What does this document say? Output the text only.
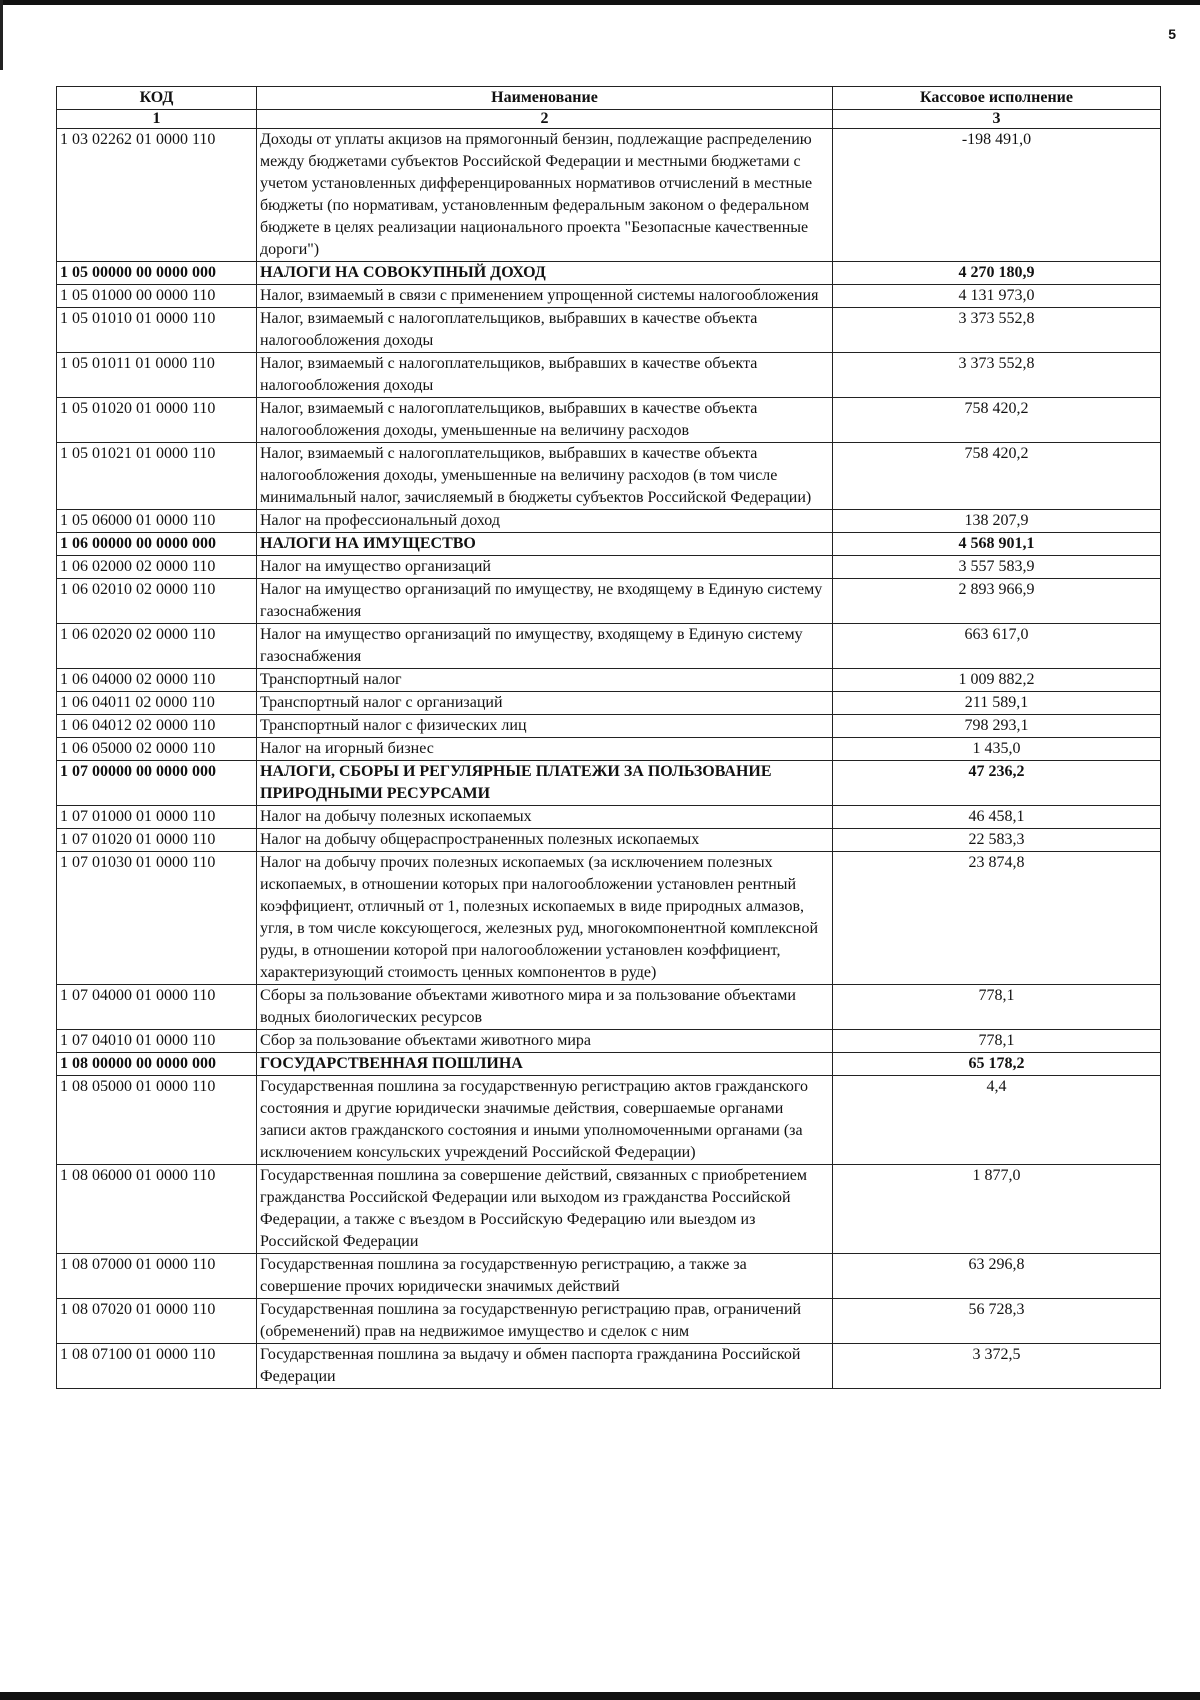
5
КОД	Наименование	Кассовое исполнение
1	2	3
1 03 02262 01 0000 110	Доходы от уплаты акцизов на прямогонный бензин, подлежащие распределению между бюджетами субъектов Российской Федерации и местными бюджетами с учетом установленных дифференцированных нормативов отчислений в местные бюджеты (по нормативам, установленным федеральным законом о федеральном бюджете в целях реализации национального проекта "Безопасные качественные дороги")	-198 491,0
1 05 00000 00 0000 000	НАЛОГИ НА СОВОКУПНЫЙ ДОХОД	4 270 180,9
1 05 01000 00 0000 110	Налог, взимаемый в связи с применением упрощенной системы налогообложения	4 131 973,0
1 05 01010 01 0000 110	Налог, взимаемый с налогоплательщиков, выбравших в качестве объекта налогообложения доходы	3 373 552,8
1 05 01011 01 0000 110	Налог, взимаемый с налогоплательщиков, выбравших в качестве объекта налогообложения доходы	3 373 552,8
1 05 01020 01 0000 110	Налог, взимаемый с налогоплательщиков, выбравших в качестве объекта налогообложения доходы, уменьшенные на величину расходов	758 420,2
1 05 01021 01 0000 110	Налог, взимаемый с налогоплательщиков, выбравших в качестве объекта налогообложения доходы, уменьшенные на величину расходов (в том числе минимальный налог, зачисляемый в бюджеты субъектов Российской Федерации)	758 420,2
1 05 06000 01 0000 110	Налог на профессиональный доход	138 207,9
1 06 00000 00 0000 000	НАЛОГИ НА ИМУЩЕСТВО	4 568 901,1
1 06 02000 02 0000 110	Налог на имущество организаций	3 557 583,9
1 06 02010 02 0000 110	Налог на имущество организаций по имуществу, не входящему в Единую систему газоснабжения	2 893 966,9
1 06 02020 02 0000 110	Налог на имущество организаций по имуществу, входящему в Единую систему газоснабжения	663 617,0
1 06 04000 02 0000 110	Транспортный налог	1 009 882,2
1 06 04011 02 0000 110	Транспортный налог с организаций	211 589,1
1 06 04012 02 0000 110	Транспортный налог с физических лиц	798 293,1
1 06 05000 02 0000 110	Налог на игорный бизнес	1 435,0
1 07 00000 00 0000 000	НАЛОГИ, СБОРЫ И РЕГУЛЯРНЫЕ ПЛАТЕЖИ ЗА ПОЛЬЗОВАНИЕ ПРИРОДНЫМИ РЕСУРСАМИ	47 236,2
1 07 01000 01 0000 110	Налог на добычу полезных ископаемых	46 458,1
1 07 01020 01 0000 110	Налог на добычу общераспространенных полезных ископаемых	22 583,3
1 07 01030 01 0000 110	Налог на добычу прочих полезных ископаемых (за исключением полезных ископаемых, в отношении которых при налогообложении установлен рентный коэффициент, отличный от 1, полезных ископаемых в виде природных алмазов, угля, в том числе коксующегося, железных руд, многокомпонентной комплексной руды, в отношении которой при налогообложении установлен коэффициент, характеризующий стоимость ценных компонентов в руде)	23 874,8
1 07 04000 01 0000 110	Сборы за пользование объектами животного мира и за пользование объектами водных биологических ресурсов	778,1
1 07 04010 01 0000 110	Сбор за пользование объектами животного мира	778,1
1 08 00000 00 0000 000	ГОСУДАРСТВЕННАЯ ПОШЛИНА	65 178,2
1 08 05000 01 0000 110	Государственная пошлина за государственную регистрацию актов гражданского состояния и другие юридически значимые действия, совершаемые органами записи актов гражданского состояния и иными уполномоченными органами (за исключением консульских учреждений Российской Федерации)	4,4
1 08 06000 01 0000 110	Государственная пошлина за совершение действий, связанных с приобретением гражданства Российской Федерации или выходом из гражданства Российской Федерации, а также с въездом в Российскую Федерацию или выездом из Российской Федерации	1 877,0
1 08 07000 01 0000 110	Государственная пошлина за государственную регистрацию, а также за совершение прочих юридически значимых действий	63 296,8
1 08 07020 01 0000 110	Государственная пошлина за государственную регистрацию прав, ограничений (обременений) прав на недвижимое имущество и сделок с ним	56 728,3
1 08 07100 01 0000 110	Государственная пошлина за выдачу и обмен паспорта гражданина Российской Федерации	3 372,5
